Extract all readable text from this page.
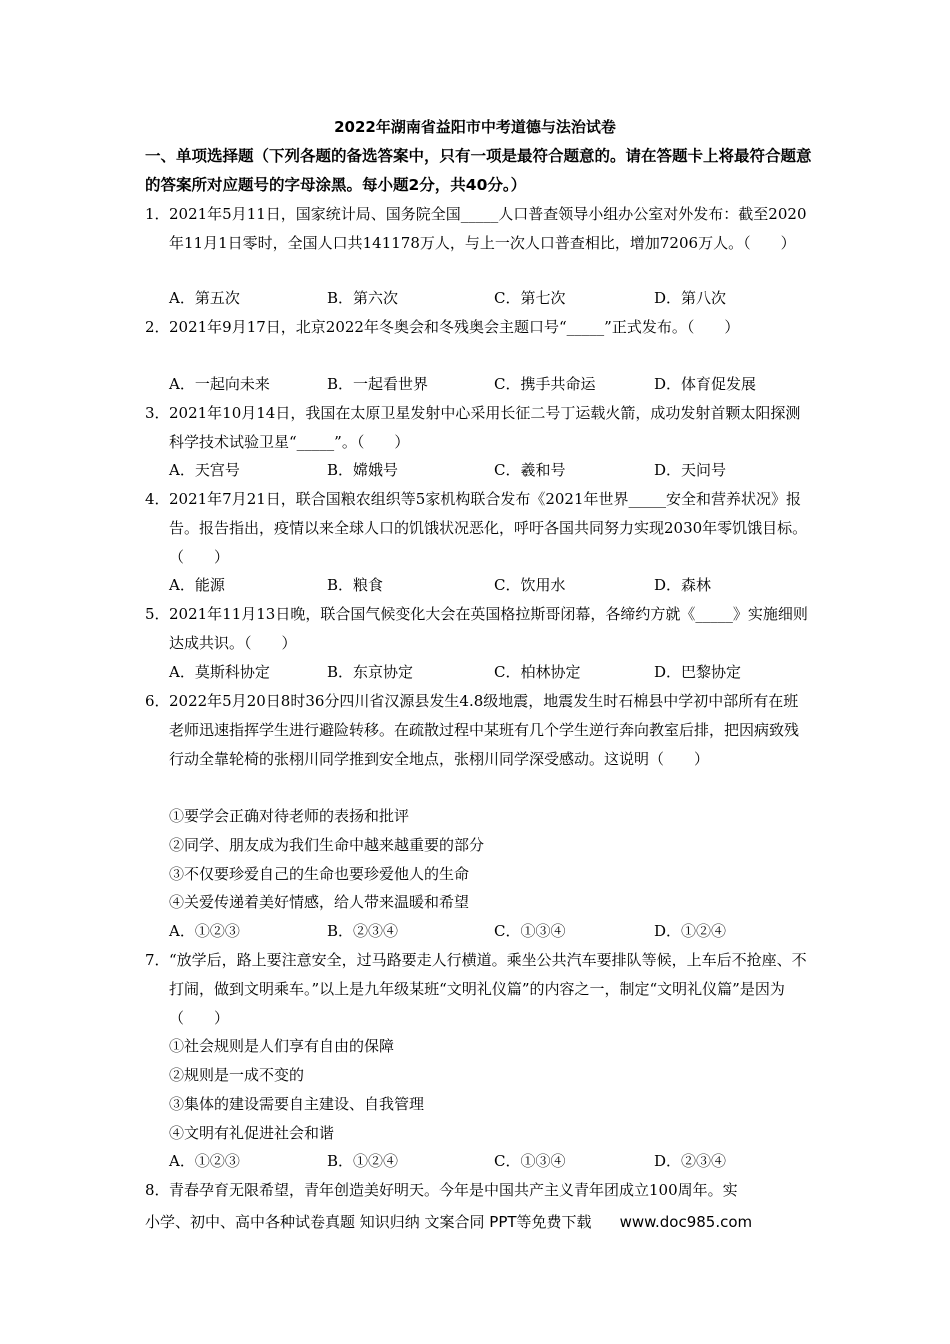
2022年湖南省益阳市中考道德与法治试卷
一、单项选择题（下列各题的备选答案中，只有一项是最符合题意的。请在答题卡上将最符合题意的答案所对应题号的字母涂黑。每小题2分，共40分。）
1． 2021年5月11日，国家统计局、国务院全国_____人口普查领导小组办公室对外发布：截至2020年11月1日零时，全国人口共141178万人，与上一次人口普查相比，增加7206万人。（　　）
A．第五次	B．第六次	C．第七次	D．第八次
2． 2021年9月17日，北京2022年冬奥会和冬残奥会主题口号“_____”正式发布。（　　）
A．一起向未来	B．一起看世界	C．携手共命运	D．体育促发展
3． 2021年10月14日，我国在太原卫星发射中心采用长征二号丁运载火箭，成功发射首颗太阳探测科学技术试验卫星“_____”。（　　）
A．天宫号	B．嫦娥号	C．羲和号	D．天问号
4． 2021年7月21日，联合国粮农组织等5家机构联合发布《2021年世界_____安全和营养状况》报告。报告指出，疫情以来全球人口的饥饿状况恶化，呼吁各国共同努力实现2030年零饥饿目标。（　　）
A．能源	B．粮食	C．饮用水	D．森林
5． 2021年11月13日晚，联合国气候变化大会在英国格拉斯哥闭幕，各缔约方就《_____》实施细则达成共识。（　　）
A．莫斯科协定	B．东京协定	C．柏林协定	D．巴黎协定
6． 2022年5月20日8时36分四川省汉源县发生4.8级地震，地震发生时石棉县中学初中部所有在班老师迅速指挥学生进行避险转移。在疏散过程中某班有几个学生逆行奔向教室后排，把因病致残行动全靠轮椅的张栩川同学推到安全地点，张栩川同学深受感动。这说明（　　）
①要学会正确对待老师的表扬和批评
②同学、朋友成为我们生命中越来越重要的部分
③不仅要珍爱自己的生命也要珍爱他人的生命
④关爱传递着美好情感，给人带来温暖和希望
A．①②③	B．②③④	C．①③④	D．①②④
7． “放学后，路上要注意安全，过马路要走人行横道。乘坐公共汽车要排队等候，上车后不抢座、不打闹，做到文明乘车。”以上是九年级某班“文明礼仪篇”的内容之一，制定“文明礼仪篇”是因为（　　）
①社会规则是人们享有自由的保障
②规则是一成不变的
③集体的建设需要自主建设、自我管理
④文明有礼促进社会和谐
A．①②③	B．①②④	C．①③④	D．②③④
8． 青春孕育无限希望，青年创造美好明天。今年是中国共产主义青年团成立100周年。实
小学、初中、高中各种试卷真题 知识归纳 文案合同 PPT等免费下载 www.doc985.com
